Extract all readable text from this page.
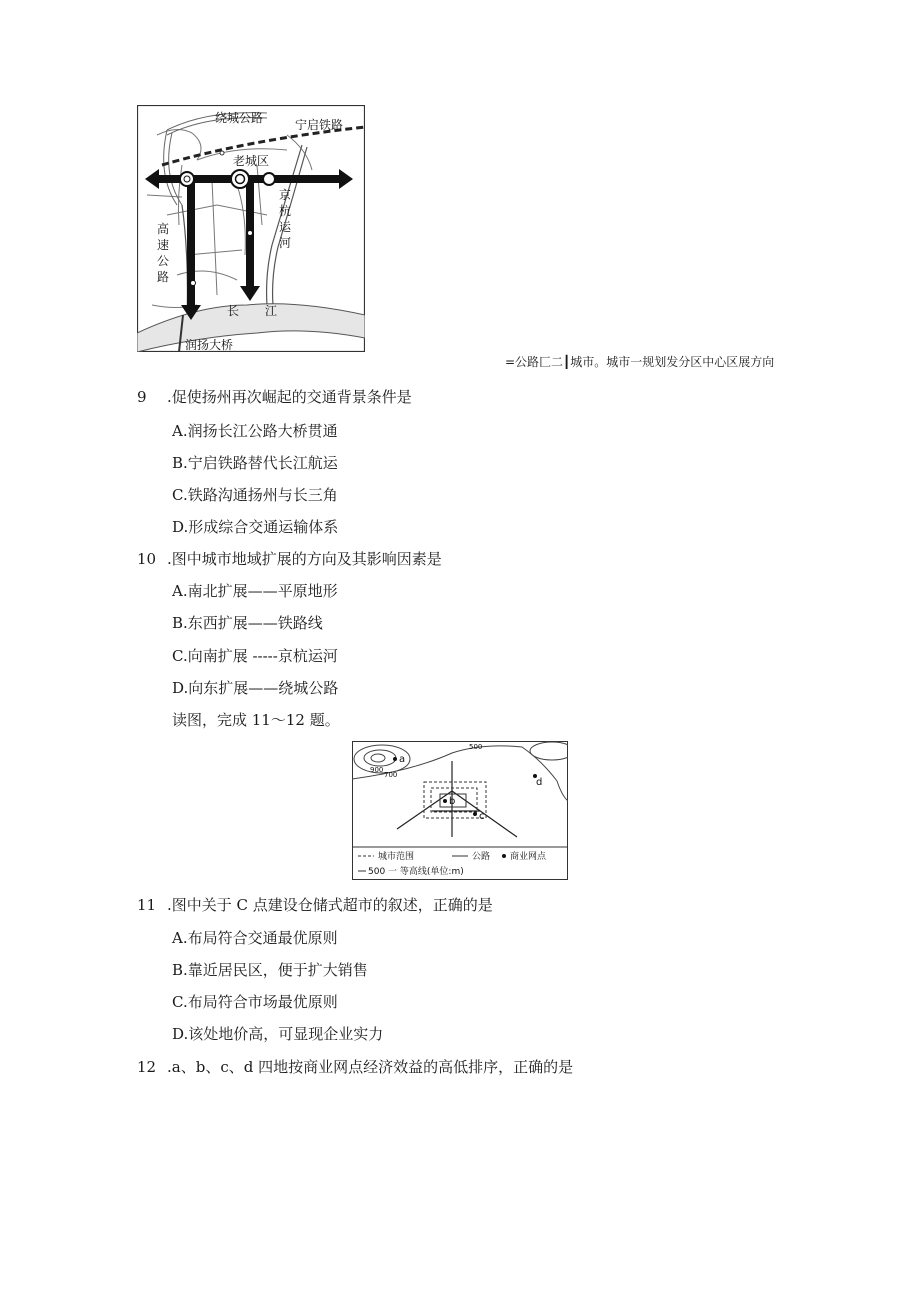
绕城公路	宁启铁路
老城区
京
杭
运
河
高
速
公
路
长 江
润扬大桥
=公路匚二┃城市。城市一规划发分区中心区展方向
9 .促使扬州再次崛起的交通背景条件是
A.润扬长江公路大桥贯通
B.宁启铁路替代长江航运
C.铁路沟通扬州与长三角
D.形成综合交通运输体系
10 .图中城市地域扩展的方向及其影响因素是
A.南北扩展——平原地形
B.东西扩展——铁路线
C.向南扩展 -----京杭运河
D.向东扩展——绕城公路
读图，完成 11～12 题。
a
b
c
d
500
700
900
城市范围	公路 商业网点
500 一 等高线(单位:m)
11 .图中关于 C 点建设仓储式超市的叙述，正确的是
A.布局符合交通最优原则
B.靠近居民区，便于扩大销售
C.布局符合市场最优原则
D.该处地价高，可显现企业实力
12 .a、b、c、d 四地按商业网点经济效益的高低排序，正确的是
